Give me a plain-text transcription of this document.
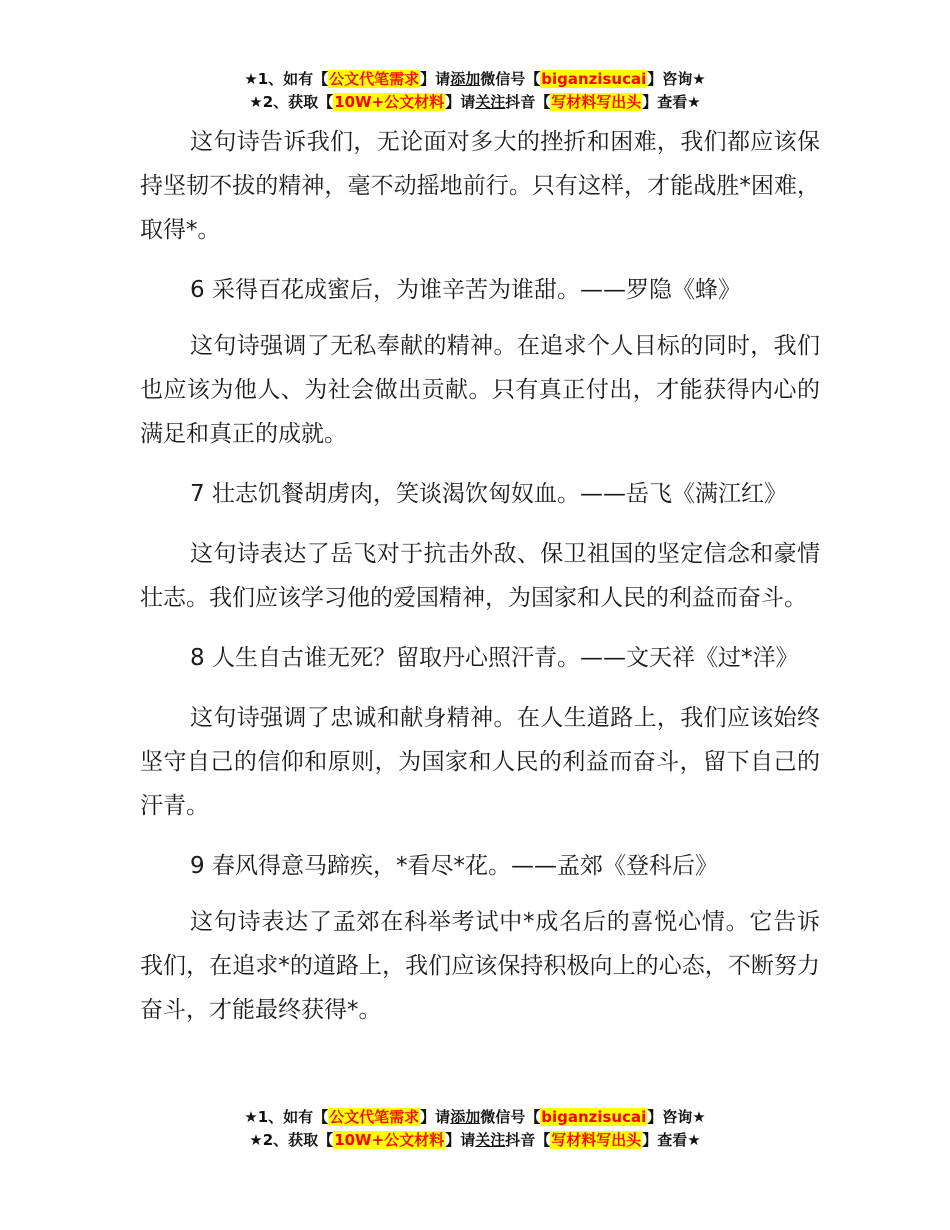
★1、如有【公文代笔需求】请添加微信号【biganzisucai】咨询★
★2、获取【10W+公文材料】请关注抖音【写材料写出头】查看★

这句诗告诉我们，无论面对多大的挫折和困难，我们都应该保持坚韧不拔的精神，毫不动摇地前行。只有这样，才能战胜*困难，取得*。

6 采得百花成蜜后，为谁辛苦为谁甜。——罗隐《蜂》

这句诗强调了无私奉献的精神。在追求个人目标的同时，我们也应该为他人、为社会做出贡献。只有真正付出，才能获得内心的满足和真正的成就。

7 壮志饥餐胡虏肉，笑谈渴饮匈奴血。——岳飞《满江红》

这句诗表达了岳飞对于抗击外敌、保卫祖国的坚定信念和豪情壮志。我们应该学习他的爱国精神，为国家和人民的利益而奋斗。

8 人生自古谁无死？留取丹心照汗青。——文天祥《过*洋》

这句诗强调了忠诚和献身精神。在人生道路上，我们应该始终坚守自己的信仰和原则，为国家和人民的利益而奋斗，留下自己的汗青。

9 春风得意马蹄疾，*看尽*花。——孟郊《登科后》

这句诗表达了孟郊在科举考试中*成名后的喜悦心情。它告诉我们，在追求*的道路上，我们应该保持积极向上的心态，不断努力奋斗，才能最终获得*。

★1、如有【公文代笔需求】请添加微信号【biganzisucai】咨询★
★2、获取【10W+公文材料】请关注抖音【写材料写出头】查看★
